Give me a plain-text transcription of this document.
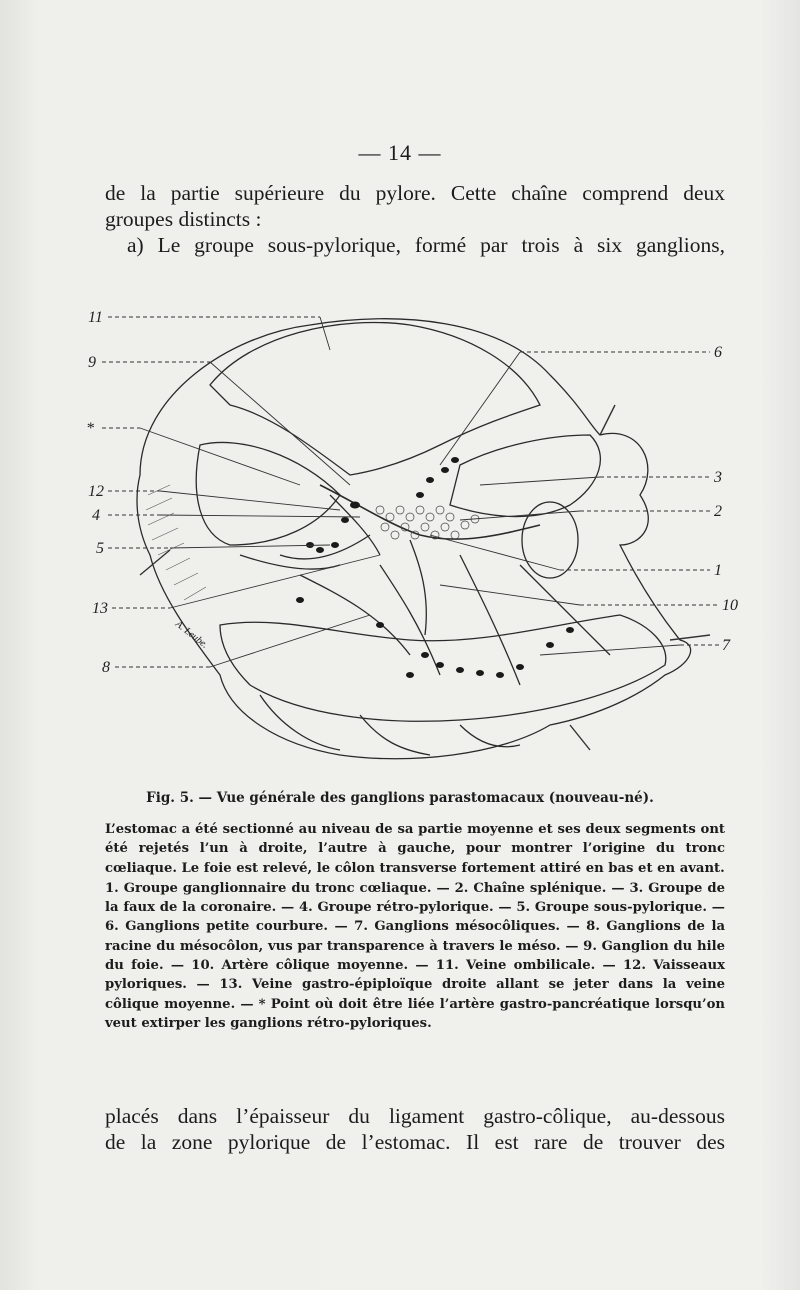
— 14 —
de la partie supérieure du pylore. Cette chaîne comprend deux
groupes distincts :
a) Le groupe sous-pylorique, formé par trois à six ganglions,
11
9
*
12
4
5
13
8
6
3
2
1
10
7
A. Leube.
Fig. 5. — Vue générale des ganglions parastomacaux (nouveau-né).

L’estomac a été sectionné au niveau de sa partie moyenne et ses deux segments ont été rejetés l’un à droite, l’autre à gauche, pour montrer l’origine du tronc cœliaque. Le foie est relevé, le côlon transverse fortement attiré en bas et en avant.

1. Groupe ganglionnaire du tronc cœliaque. — 2. Chaîne splénique. — 3. Groupe de la faux de la coronaire. — 4. Groupe rétro-pylorique. — 5. Groupe sous-pylorique. — 6. Ganglions petite courbure. — 7. Ganglions mésocôliques. — 8. Ganglions de la racine du mésocôlon, vus par transparence à travers le méso. — 9. Ganglion du hile du foie. — 10. Artère côlique moyenne. — 11. Veine ombilicale. — 12. Vaisseaux pyloriques. — 13. Veine gastro-épiploïque droite allant se jeter dans la veine côlique moyenne. — * Point où doit être liée l’artère gastro-pancréatique lorsqu’on veut extirper les ganglions rétro-pyloriques.

placés dans l’épaisseur du ligament gastro-côlique, au-dessous
de la zone pylorique de l’estomac. Il est rare de trouver des
